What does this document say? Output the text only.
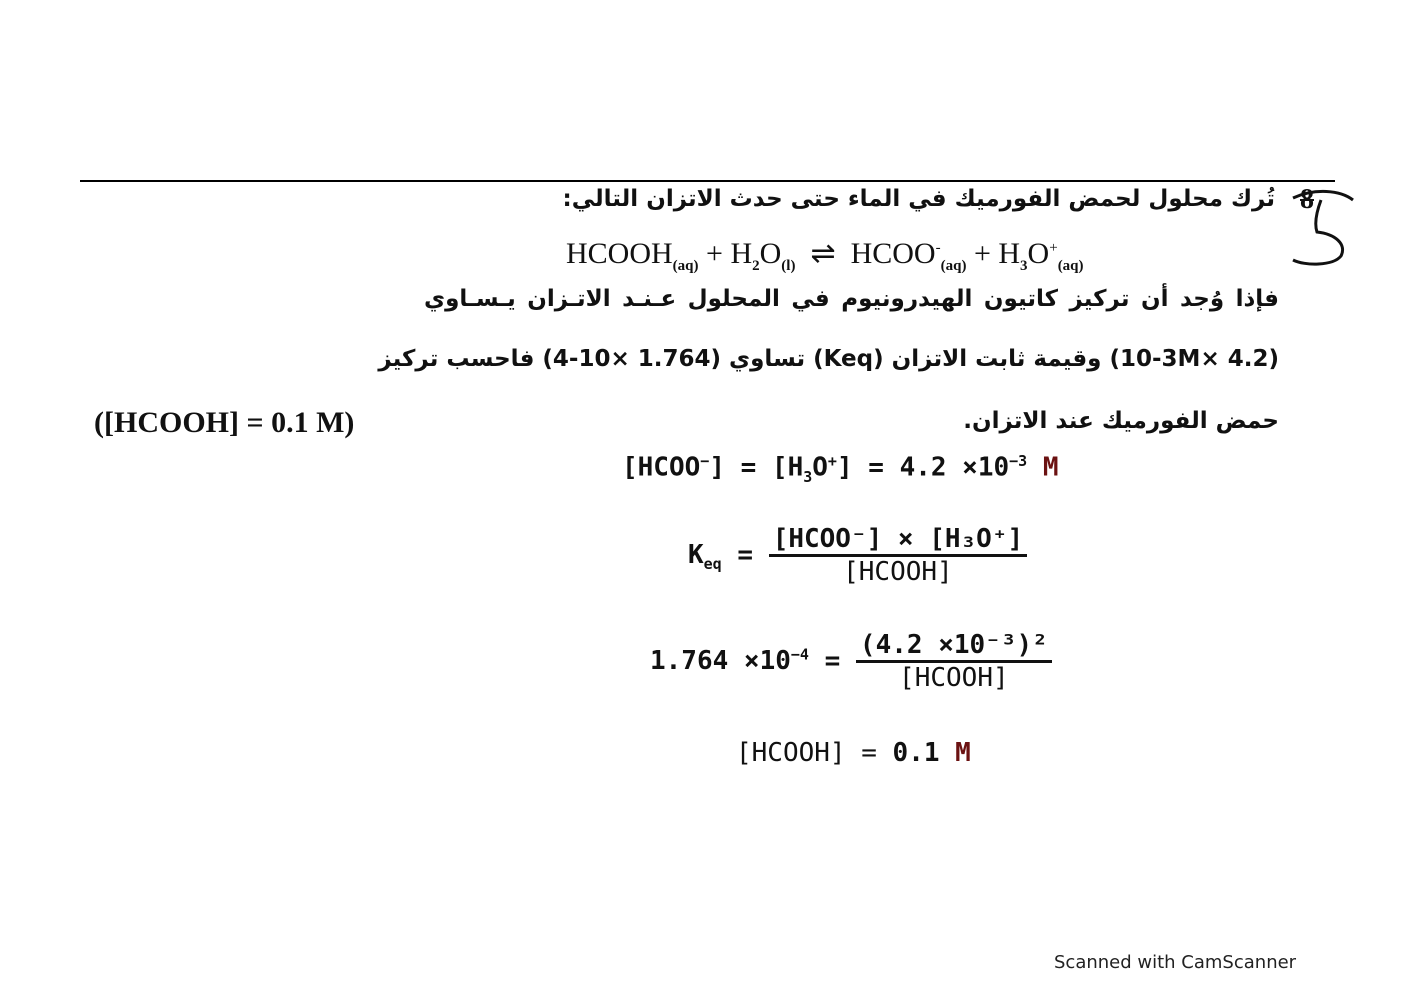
8
تُرك محلول لحمض الفورميك في الماء حتى حدث الاتزان التالي:
$HCOOH_{(aq)} + H_2O_{(l)}$ ⇌ $HCOO^-_{(aq)} + H_3O^+_{(aq)}$
فإذا وُجد أن تركيز كاتيون الهيدرونيوم في المحلول عـنـد الاتـزان يـسـاوي
(4.2 ×10-3M) وقيمة ثابت الاتزان (Keq) تساوي (1.764 ×10-4) فاحسب تركيز
حمض الفورميك عند الاتزان.
([HCOOH] = 0.1 M)
[HCOO−] = $[H_3O^+] = 4.2 \times 10^{-3}$ M
$K_{eq} = \frac{\text{[HCOO⁻] × [H₃O⁺]}}{\text{[HCOOH]}}$
$1.764 \times 10^{-4} = \frac{\text{(4.2 ×10⁻³)²}}{\text{[HCOOH]}}$
[HCOOH] = 0.1 M
Scanned with CamScanner
